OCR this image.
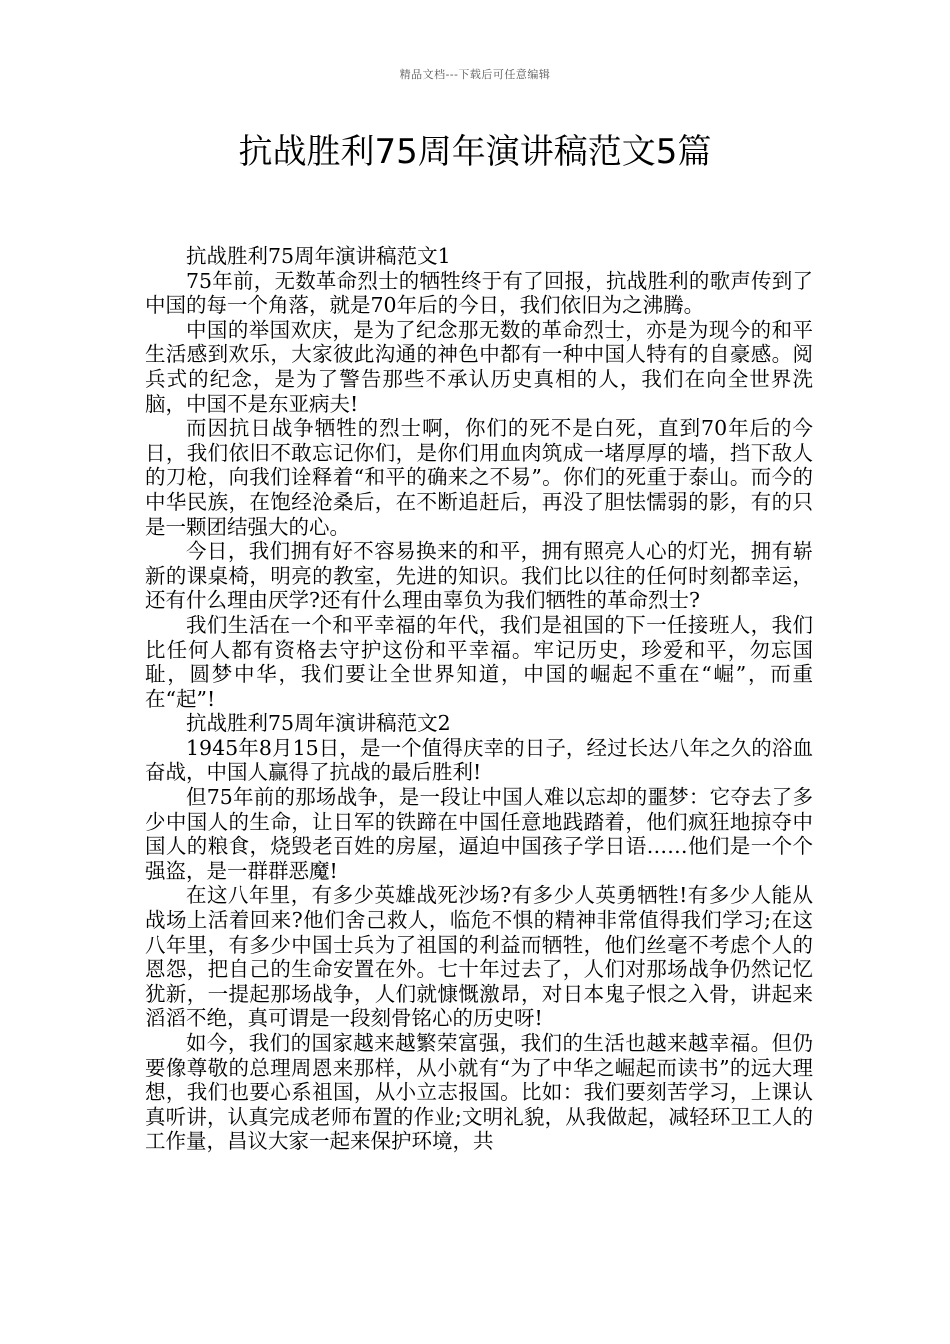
精品文档---下载后可任意编辑
抗战胜利75周年演讲稿范文5篇

抗战胜利75周年演讲稿范文1

75年前，无数革命烈士的牺牲终于有了回报，抗战胜利的歌声传到了中国的每一个角落，就是70年后的今日，我们依旧为之沸腾。

中国的举国欢庆，是为了纪念那无数的革命烈士，亦是为现今的和平生活感到欢乐，大家彼此沟通的神色中都有一种中国人特有的自豪感。阅兵式的纪念，是为了警告那些不承认历史真相的人，我们在向全世界洗脑，中国不是东亚病夫!

而因抗日战争牺牲的烈士啊，你们的死不是白死，直到70年后的今日，我们依旧不敢忘记你们，是你们用血肉筑成一堵厚厚的墙，挡下敌人的刀枪，向我们诠释着“和平的确来之不易”。你们的死重于泰山。而今的中华民族，在饱经沧桑后，在不断追赶后，再没了胆怯懦弱的影，有的只是一颗团结强大的心。

今日，我们拥有好不容易换来的和平，拥有照亮人心的灯光，拥有崭新的课桌椅，明亮的教室，先进的知识。我们比以往的任何时刻都幸运，还有什么理由厌学?还有什么理由辜负为我们牺牲的革命烈士?

我们生活在一个和平幸福的年代，我们是祖国的下一任接班人，我们比任何人都有资格去守护这份和平幸福。牢记历史，珍爱和平，勿忘国耻，圆梦中华，我们要让全世界知道，中国的崛起不重在“崛”，而重在“起”!

抗战胜利75周年演讲稿范文2

1945年8月15日，是一个值得庆幸的日子，经过长达八年之久的浴血奋战，中国人赢得了抗战的最后胜利!

但75年前的那场战争，是一段让中国人难以忘却的噩梦：它夺去了多少中国人的生命，让日军的铁蹄在中国任意地践踏着，他们疯狂地掠夺中国人的粮食，烧毁老百姓的房屋，逼迫中国孩子学日语……他们是一个个强盗，是一群群恶魔!

在这八年里，有多少英雄战死沙场?有多少人英勇牺牲!有多少人能从战场上活着回来?他们舍己救人，临危不惧的精神非常值得我们学习;在这八年里，有多少中国士兵为了祖国的利益而牺牲，他们丝毫不考虑个人的恩怨，把自己的生命安置在外。七十年过去了，人们对那场战争仍然记忆犹新，一提起那场战争，人们就慷慨激昂，对日本鬼子恨之入骨，讲起来滔滔不绝，真可谓是一段刻骨铭心的历史呀!

如今，我们的国家越来越繁荣富强，我们的生活也越来越幸福。但仍要像尊敬的总理周恩来那样，从小就有“为了中华之崛起而读书”的远大理想，我们也要心系祖国，从小立志报国。比如：我们要刻苦学习，上课认真听讲，认真完成老师布置的作业;文明礼貌，从我做起，减轻环卫工人的工作量，昌议大家一起来保护环境，共
